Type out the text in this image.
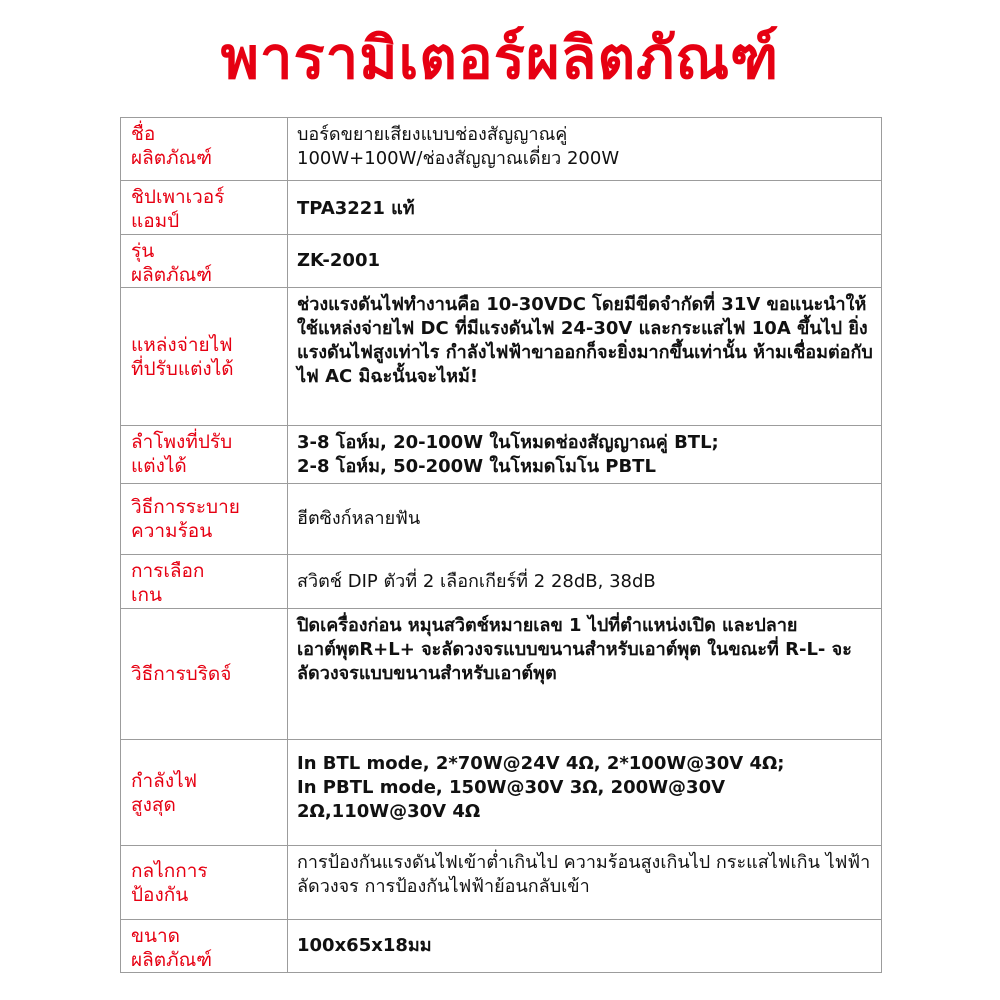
พารามิเตอร์ผลิตภัณฑ์
ชื่อ
ผลิตภัณฑ์	บอร์ดขยายเสียงแบบช่องสัญญาณคู่
100W+100W/ช่องสัญญาณเดี่ยว 200W
ชิปเพาเวอร์
แอมป์	TPA3221 แท้
รุ่น
ผลิตภัณฑ์	ZK-2001
แหล่งจ่ายไฟ
ที่ปรับแต่งได้	ช่วงแรงดันไฟทำงานคือ 10-30VDC โดยมีขีดจำกัดที่ 31V ขอแนะนำให้ใช้แหล่งจ่ายไฟ DC ที่มีแรงดันไฟ 24-30V และกระแสไฟ 10A ขึ้นไป ยิ่งแรงดันไฟสูงเท่าไร กำลังไฟฟ้าขาออกก็จะยิ่งมากขึ้นเท่านั้น ห้ามเชื่อมต่อกับไฟ AC มิฉะนั้นจะไหม้!
ลำโพงที่ปรับ
แต่งได้	3-8 โอห์ม, 20-100W ในโหมดช่องสัญญาณคู่ BTL;
2-8 โอห์ม, 50-200W ในโหมดโมโน PBTL
วิธีการระบาย
ความร้อน	ฮีตซิงก์หลายฟัน
การเลือก
เกน	สวิตช์ DIP ตัวที่ 2 เลือกเกียร์ที่ 2 28dB, 38dB
วิธีการบริดจ์	ปิดเครื่องก่อน หมุนสวิตช์หมายเลข 1 ไปที่ตำแหน่งเปิด และปลายเอาต์พุตR+L+ จะลัดวงจรแบบขนานสำหรับเอาต์พุต ในขณะที่ R-L- จะลัดวงจรแบบขนานสำหรับเอาต์พุต
กำลังไฟ
สูงสุด	In BTL mode, 2*70W@24V 4Ω, 2*100W@30V 4Ω;
In PBTL mode, 150W@30V 3Ω, 200W@30V 2Ω,110W@30V 4Ω
กลไกการ
ป้องกัน	การป้องกันแรงดันไฟเข้าต่ำเกินไป ความร้อนสูงเกินไป กระแสไฟเกิน ไฟฟ้าลัดวงจร การป้องกันไฟฟ้าย้อนกลับเข้า
ขนาด
ผลิตภัณฑ์	100x65x18มม
